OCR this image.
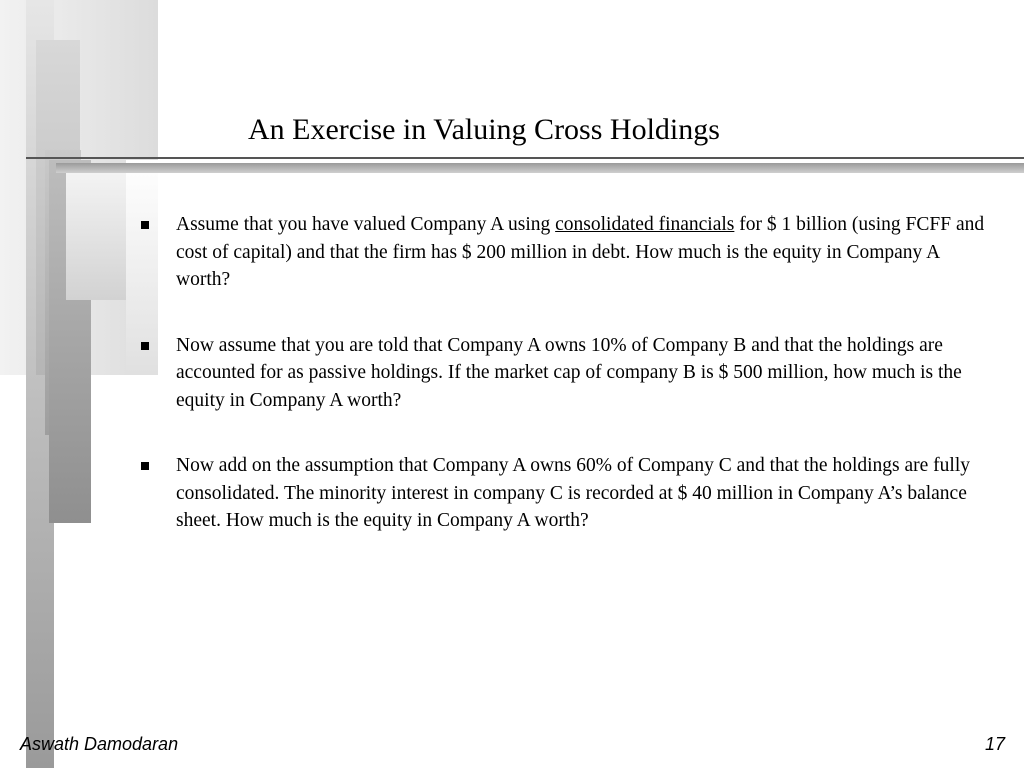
An Exercise in Valuing Cross Holdings
Assume that you have valued Company A using consolidated financials for $ 1 billion (using FCFF and cost of capital) and that the firm has $ 200 million in debt. How much is the equity in Company A worth?
Now assume that you are told that Company A owns 10% of Company B and that the holdings are accounted for as passive holdings. If the market cap of company B is $ 500 million, how much is the equity in Company A worth?
Now add on the assumption that Company A owns 60% of Company C and that the holdings are fully consolidated. The minority interest in company C is recorded at $ 40 million in Company A’s balance sheet. How much is the equity in Company A worth?
Aswath Damodaran	17
